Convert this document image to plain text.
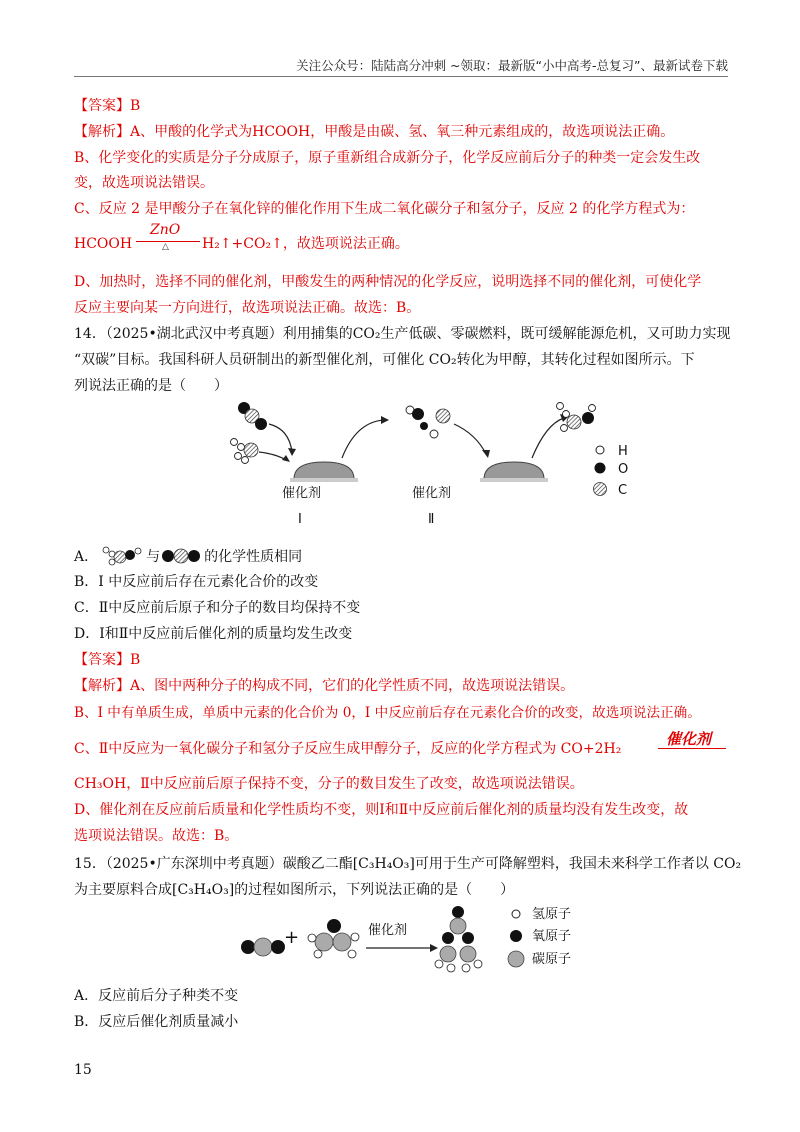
关注公众号：陆陆高分冲刺 ~领取：最新版“小中高考-总复习”、最新试卷下载
【答案】B
【解析】A、甲酸的化学式为HCOOH，甲酸是由碳、氢、氧三种元素组成的，故选项说法正确。
B、化学变化的实质是分子分成原子，原子重新组合成新分子，化学反应前后分子的种类一定会发生改
变，故选项说法错误。
C、反应 2 是甲酸分子在氧化锌的催化作用下生成二氧化碳分子和氢分子，反应 2 的化学方程式为：
HCOOH
ZnO
△ H₂↑+CO₂↑，故选项说法正确。
D、加热时，选择不同的催化剂，甲酸发生的两种情况的化学反应，说明选择不同的催化剂，可使化学
反应主要向某一方向进行，故选项说法正确。故选：B。
14．（2025•湖北武汉中考真题）利用捕集的CO₂生产低碳、零碳燃料，既可缓解能源危机，又可助力实现
“双碳”目标。我国科研人员研制出的新型催化剂，可催化 CO₂转化为甲醇，其转化过程如图所示。下
列说法正确的是（　　）
H
O
C
催化剂
I
催化剂
Ⅱ
A．	与	的化学性质相同
B．I 中反应前后存在元素化合价的改变
C．Ⅱ中反应前后原子和分子的数目均保持不变
D．Ⅰ和Ⅱ中反应前后催化剂的质量均发生改变
【答案】B
【解析】A、图中两种分子的构成不同，它们的化学性质不同，故选项说法错误。
B、I 中有单质生成，单质中元素的化合价为 0，I 中反应前后存在元素化合价的改变，故选项说法正确。
C、Ⅱ中反应为一氧化碳分子和氢分子反应生成甲醇分子，反应的化学方程式为 CO+2H₂
催化剂
CH₃OH，Ⅱ中反应前后原子保持不变，分子的数目发生了改变，故选项说法错误。
D、催化剂在反应前后质量和化学性质均不变，则Ⅰ和Ⅱ中反应前后催化剂的质量均没有发生改变，故
选项说法错误。故选：B。
15．（2025•广东深圳中考真题）碳酸乙二酯[C₃H₄O₃]可用于生产可降解塑料，我国未来科学工作者以 CO₂
为主要原料合成[C₃H₄O₃]的过程如图所示，下列说法正确的是（　　）
+	催化剂
氢原子
氧原子
碳原子
A．反应前后分子种类不变
B．反应后催化剂质量减小
15
